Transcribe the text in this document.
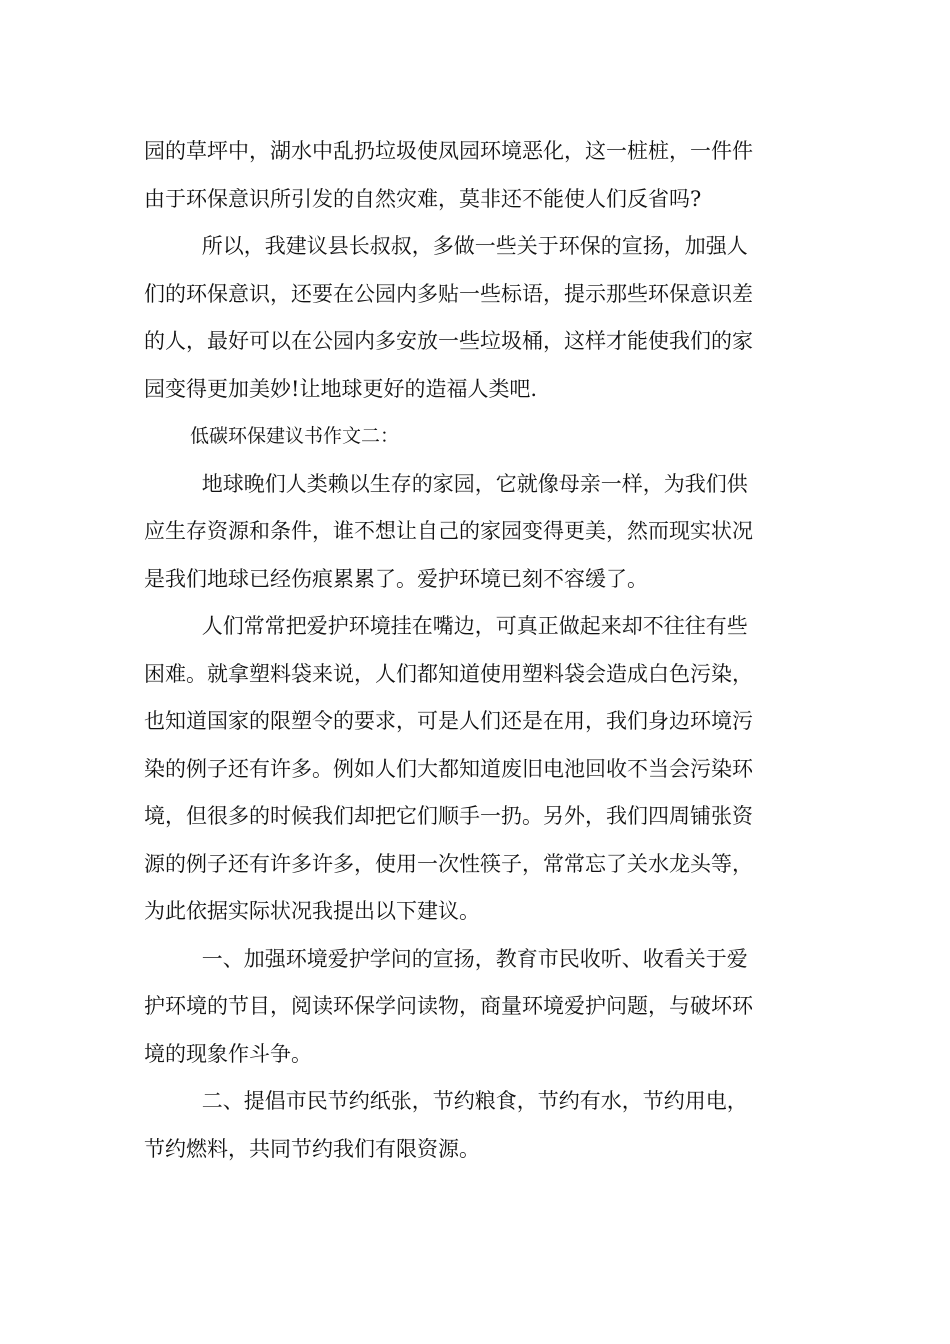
园的草坪中，湖水中乱扔垃圾使凤园环境恶化，这一桩桩，一件件

由于环保意识所引发的自然灾难，莫非还不能使人们反省吗?

所以，我建议县长叔叔，多做一些关于环保的宣扬，加强人

们的环保意识，还要在公园内多贴一些标语，提示那些环保意识差

的人，最好可以在公园内多安放一些垃圾桶，这样才能使我们的家

园变得更加美妙!让地球更好的造福人类吧.

低碳环保建议书作文二：

地球晚们人类赖以生存的家园，它就像母亲一样，为我们供

应生存资源和条件，谁不想让自己的家园变得更美，然而现实状况

是我们地球已经伤痕累累了。爱护环境已刻不容缓了。

人们常常把爱护环境挂在嘴边，可真正做起来却不往往有些

困难。就拿塑料袋来说，人们都知道使用塑料袋会造成白色污染，

也知道国家的限塑令的要求，可是人们还是在用，我们身边环境污

染的例子还有许多。例如人们大都知道废旧电池回收不当会污染环

境，但很多的时候我们却把它们顺手一扔。另外，我们四周铺张资

源的例子还有许多许多，使用一次性筷子，常常忘了关水龙头等，

为此依据实际状况我提出以下建议。

一、加强环境爱护学问的宣扬，教育市民收听、收看关于爱

护环境的节目，阅读环保学问读物，商量环境爱护问题，与破坏环

境的现象作斗争。

二、提倡市民节约纸张，节约粮食，节约有水，节约用电，

节约燃料，共同节约我们有限资源。
